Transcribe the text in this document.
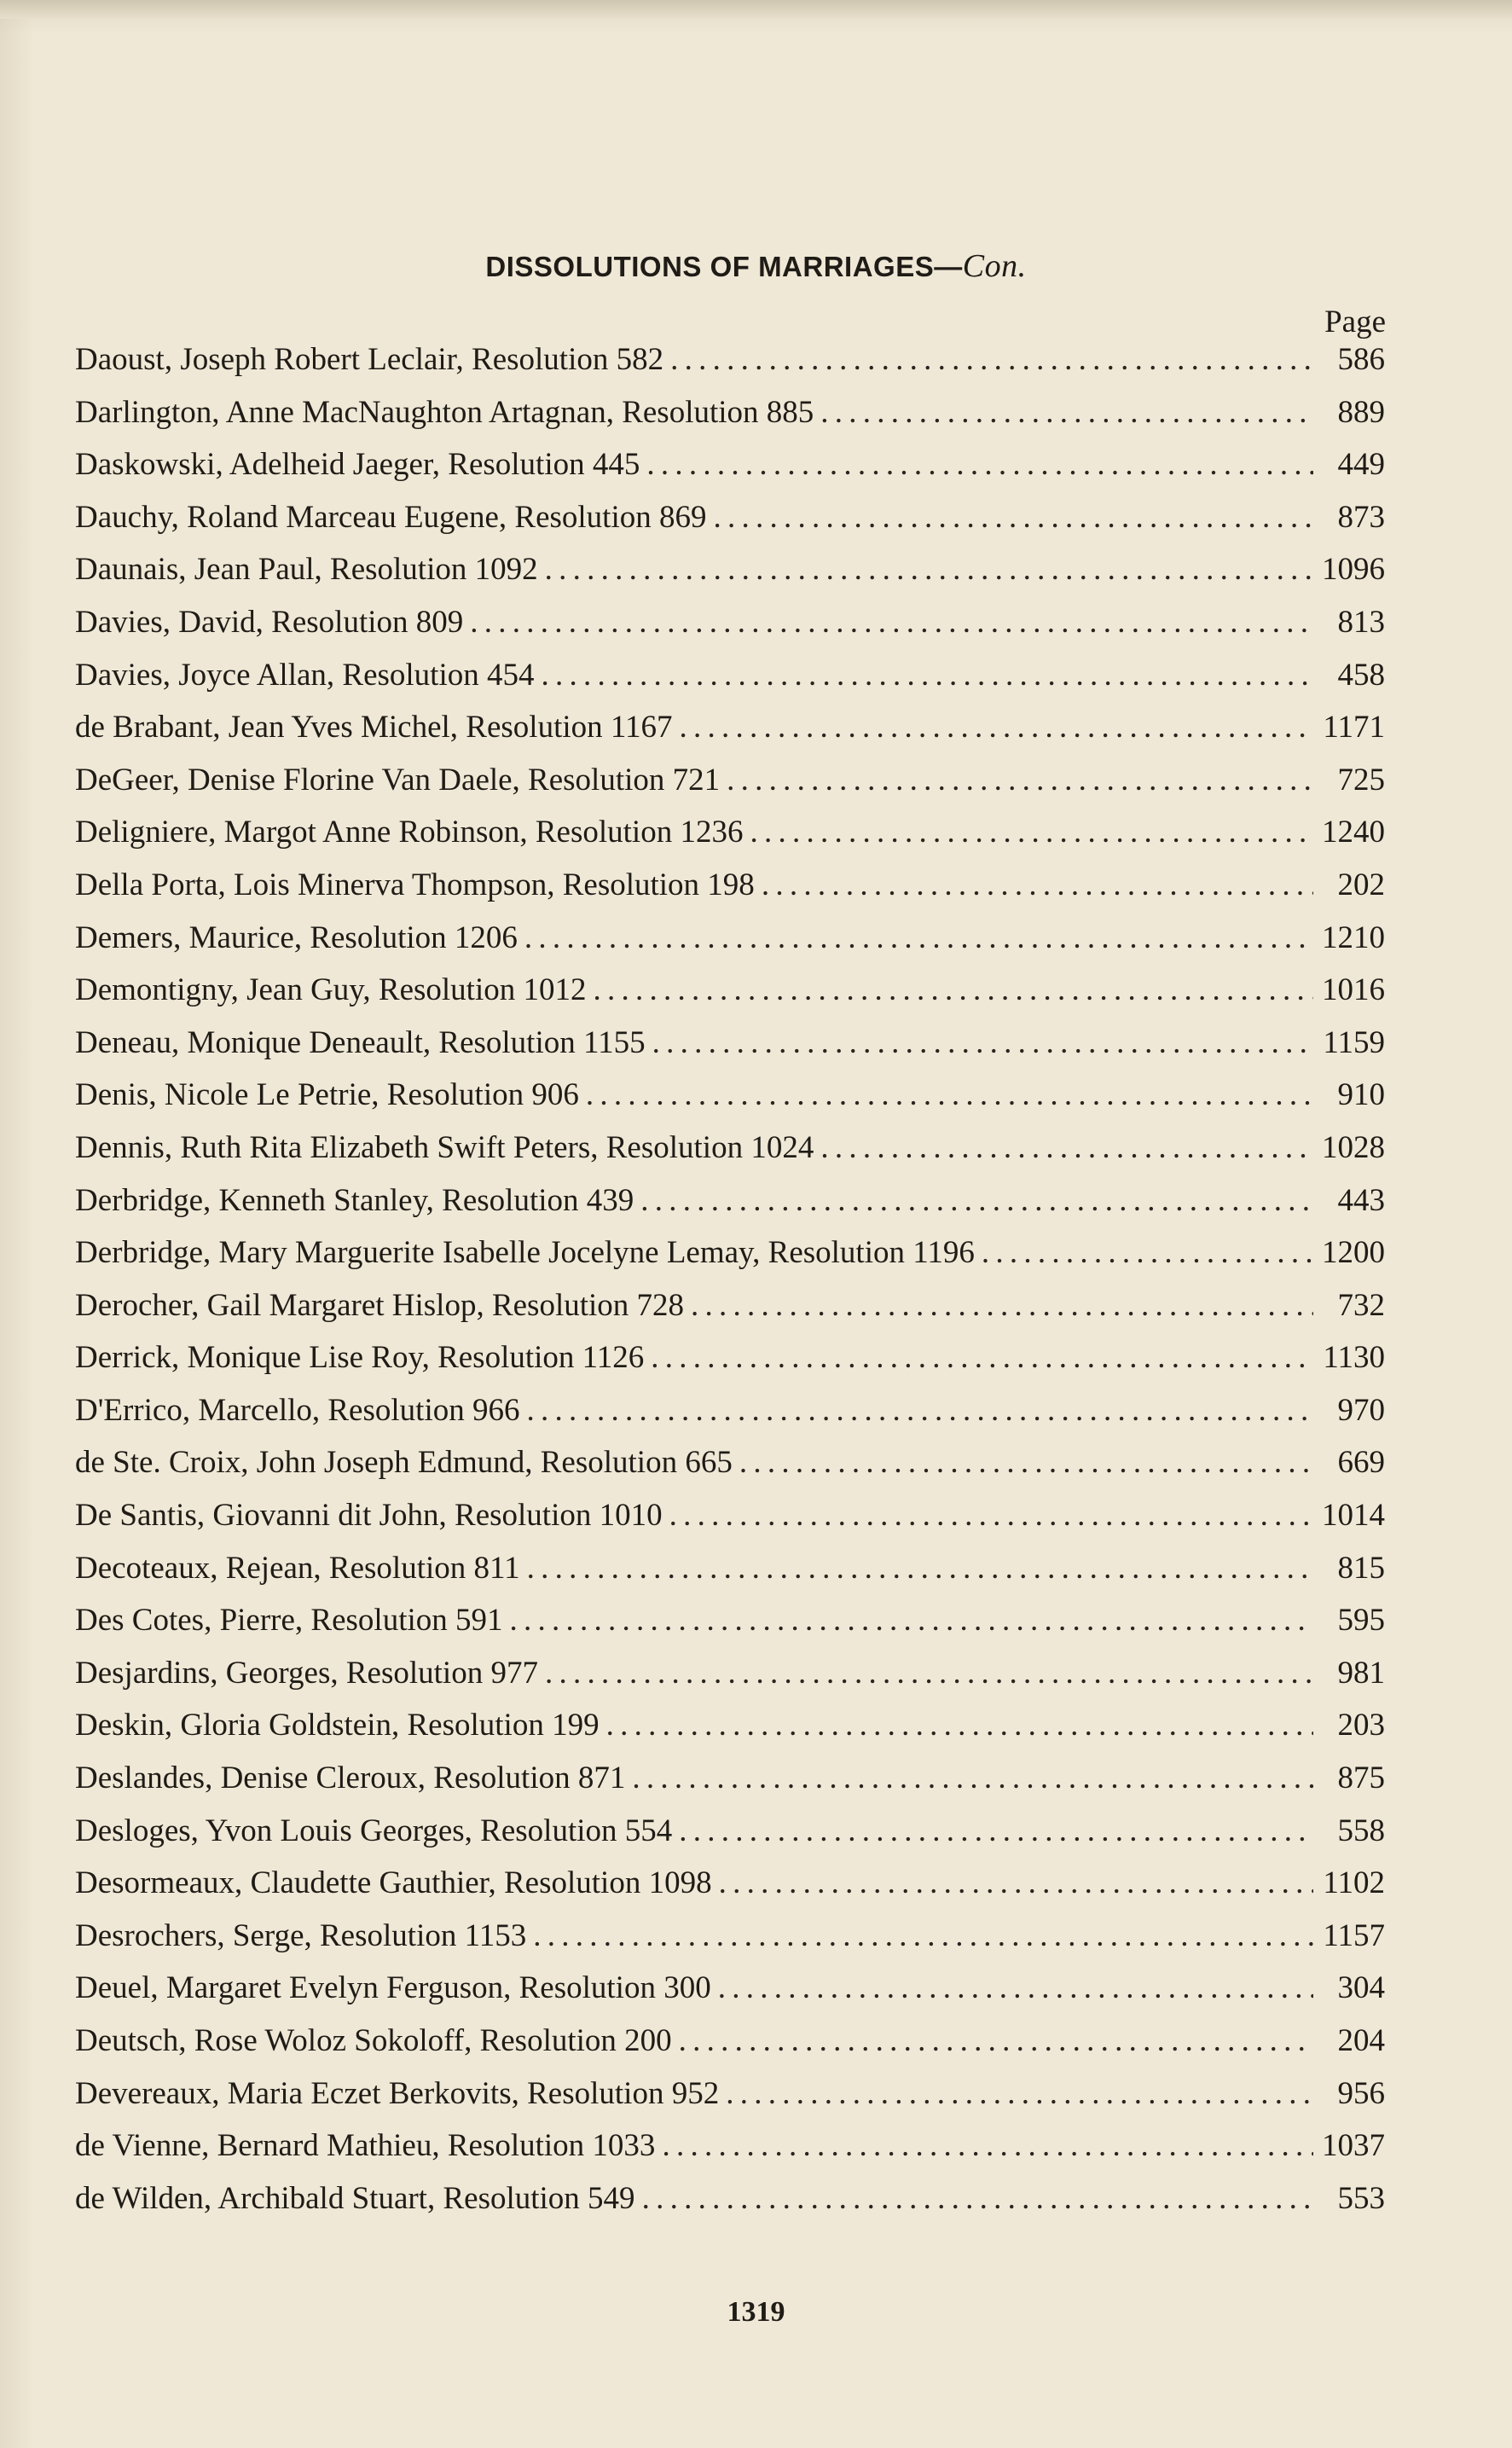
DISSOLUTIONS OF MARRIAGES—Con.
Page
Daoust, Joseph Robert Leclair, Resolution 582 . . .	586
Darlington, Anne MacNaughton Artagnan, Resolution 885 . . .	889
Daskowski, Adelheid Jaeger, Resolution 445 . . .	449
Dauchy, Roland Marceau Eugene, Resolution 869 . . .	873
Daunais, Jean Paul, Resolution 1092 . . .	1096
Davies, David, Resolution 809 . . .	813
Davies, Joyce Allan, Resolution 454 . . .	458
de Brabant, Jean Yves Michel, Resolution 1167 . . .	1171
DeGeer, Denise Florine Van Daele, Resolution 721 . . .	725
Deligniere, Margot Anne Robinson, Resolution 1236 . . .	1240
Della Porta, Lois Minerva Thompson, Resolution 198 . . .	202
Demers, Maurice, Resolution 1206 . . .	1210
Demontigny, Jean Guy, Resolution 1012 . . .	1016
Deneau, Monique Deneault, Resolution 1155 . . .	1159
Denis, Nicole Le Petrie, Resolution 906 . . .	910
Dennis, Ruth Rita Elizabeth Swift Peters, Resolution 1024 . . .	1028
Derbridge, Kenneth Stanley, Resolution 439 . . .	443
Derbridge, Mary Marguerite Isabelle Jocelyne Lemay, Resolution 1196 . . .	1200
Derocher, Gail Margaret Hislop, Resolution 728 . . .	732
Derrick, Monique Lise Roy, Resolution 1126 . . .	1130
D'Errico, Marcello, Resolution 966 . . .	970
de Ste. Croix, John Joseph Edmund, Resolution 665 . . .	669
De Santis, Giovanni dit John, Resolution 1010 . . .	1014
Decoteaux, Rejean, Resolution 811 . . .	815
Des Cotes, Pierre, Resolution 591 . . .	595
Desjardins, Georges, Resolution 977 . . .	981
Deskin, Gloria Goldstein, Resolution 199 . . .	203
Deslandes, Denise Cleroux, Resolution 871 . . .	875
Desloges, Yvon Louis Georges, Resolution 554 . . .	558
Desormeaux, Claudette Gauthier, Resolution 1098 . . .	1102
Desrochers, Serge, Resolution 1153 . . .	1157
Deuel, Margaret Evelyn Ferguson, Resolution 300 . . .	304
Deutsch, Rose Woloz Sokoloff, Resolution 200 . . .	204
Devereaux, Maria Eczet Berkovits, Resolution 952 . . .	956
de Vienne, Bernard Mathieu, Resolution 1033 . . .	1037
de Wilden, Archibald Stuart, Resolution 549 . . .	553
1319
